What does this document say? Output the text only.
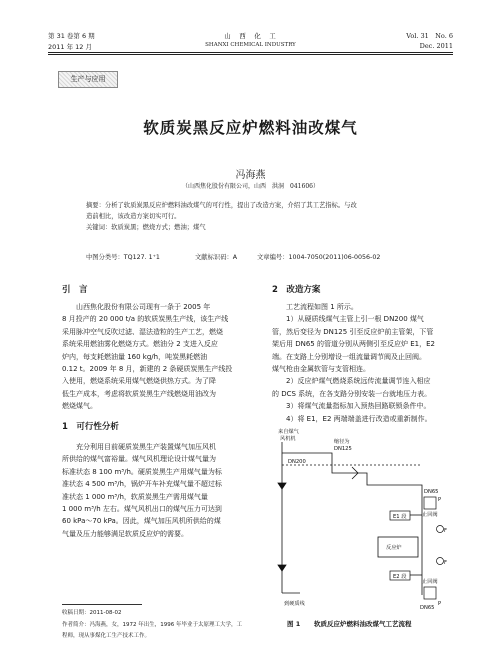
第 31 卷第 6 期
2011 年 12 月
山　西　化　工
SHANXI CHEMICAL INDUSTRY
Vol. 31　No. 6
Dec. 2011
生产与应用
软质炭黑反应炉燃料油改煤气
冯海燕
（山西焦化股份有限公司，山西　洪洞　041606）
摘要：分析了软质炭黑反应炉燃料油改煤气的可行性，提出了改造方案，介绍了其工艺指标。与改
造前相比，该改造方案切实可行。
关键词：软质炭黑；燃烧方式；燃油；煤气
中图分类号：TQ127. 1⁺1	文献标识码：A	文章编号：1004-7050(2011)06-0056-02
引　言
　　山西焦化股份有限公司现有一条于 2005 年
8 月投产的 20 000 t/a 的软质炭黑生产线，该生产线
采用脉冲空气反吹过滤、湿法造粒的生产工艺，燃烧
系统采用燃油雾化燃烧方式。燃油分 2 支进入反应
炉内，每支耗燃油量 160 kg/h，吨炭黑耗燃油
0.12 t。2009 年 8 月，新建的 2 条硬质炭黑生产线投
入使用，燃烧系统采用煤气燃烧供热方式。为了降
低生产成本，考虑将软质炭黑生产线燃烧用油改为
燃烧煤气。
1　可行性分析
　　充分利用目前硬质炭黑生产装置煤气加压风机
所供给的煤气富裕量。煤气风机理论设计煤气量为
标准状态 8 100 m³/h。硬质炭黑生产用煤气量为标
准状态 4 500 m³/h，锅炉开车补充煤气量不超过标
准状态 1 000 m³/h，软质炭黑生产需用煤气量
1 000 m³/h 左右。煤气风机出口的煤气压力可达到
60 kPa～70 kPa。因此，煤气加压风机所供给的煤
气量及压力能够满足软质反应炉的需要。
收稿日期：2011-08-02
作者简介：冯海燕，女，1972 年出生，1996 年毕业于太原理工大学，工
程师，现从事煤化工生产技术工作。
2　改造方案
　　工艺流程如图 1 所示。
　　1）从硬质线煤气主管上引一根 DN200 煤气
管，然后变径为 DN125 引至反应炉前主管架，下管
架后用 DN65 的管道分别从两侧引至反应炉 E1，E2
端。在支路上分别增设一组流量调节阀及止回阀。
煤气枪由金属软管与支管相连。
　　2）反应炉煤气燃烧系统远传流量调节连入相应
的 DCS 系统，在各支路分别安装一台就地压力表。
　　3）将煤气流量指标加入预热回路联锁条件中。
　　4）将 E1，E2 两端端盖进行改造或重新制作。
来自煤气
风机机
DN200
缩径为
DN125
DN65
止回阀
E1 段
反应炉
E2 段
止回阀
DN65
到硬质线
F
F
P
P
图 1 软质反应炉燃料油改煤气工艺流程
